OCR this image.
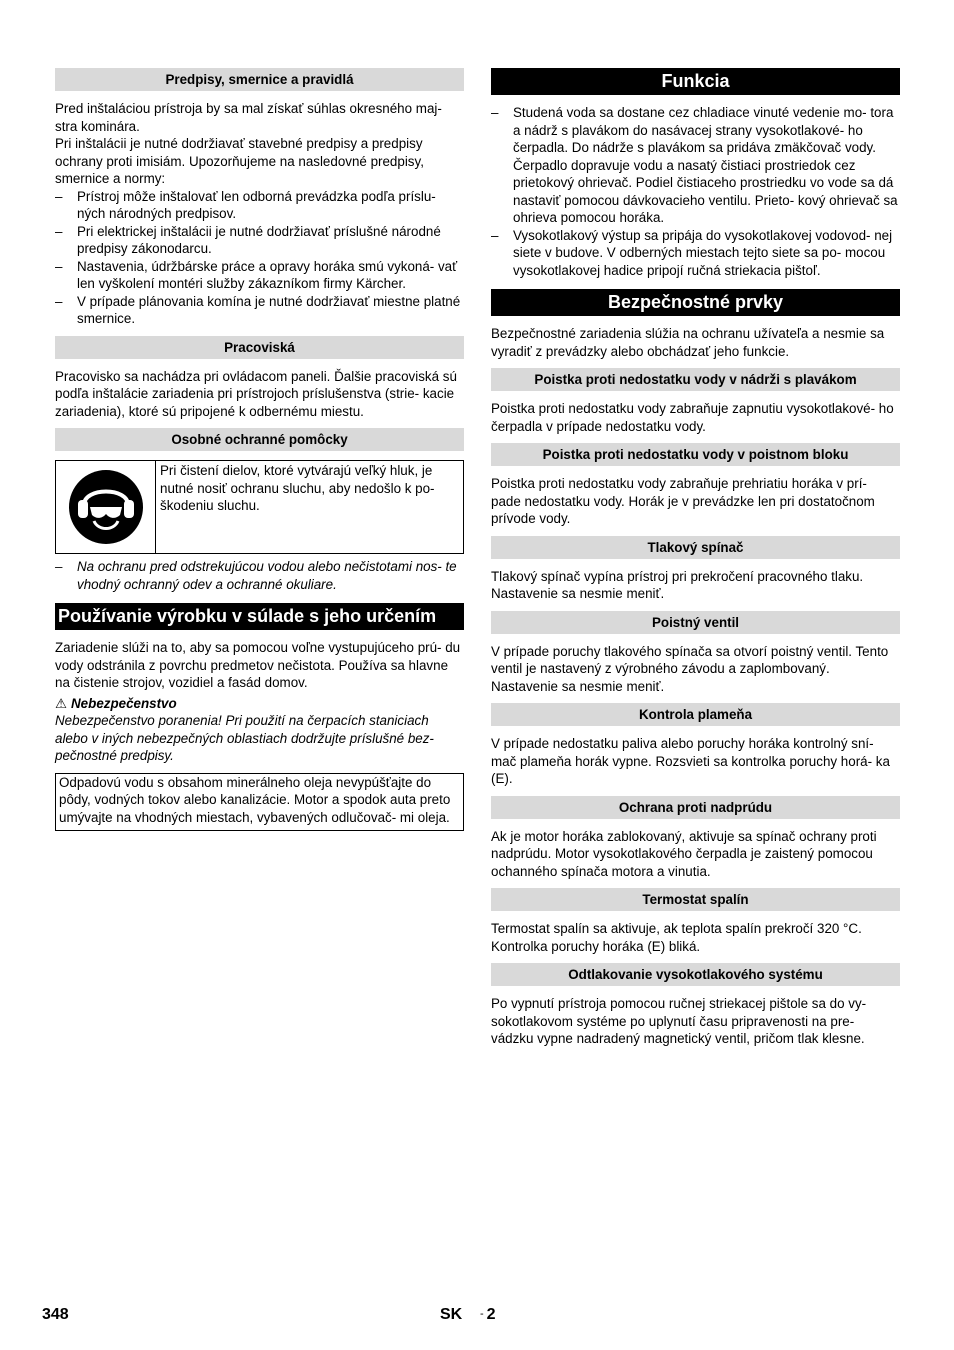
Predpisy, smernice a pravidlá

Pred inštaláciou prístroja by sa mal získať súhlas okresného maj- stra kominára.

Pri inštalácii je nutné dodržiavať stavebné predpisy a predpisy ochrany proti imisiám. Upozorňujeme na nasledovné predpisy, smernice a normy:

– Prístroj môže inštalovať len odborná prevádzka podľa príslu- ných národných predpisov.
– Pri elektrickej inštalácii je nutné dodržiavať príslušné národné predpisy zákonodarcu.
– Nastavenia, údržbárske práce a opravy horáka smú vykoná- vať len vyškolení montéri služby zákazníkom firmy Kärcher.
– V prípade plánovania komína je nutné dodržiavať miestne platné smernice.
Pracoviská

Pracovisko sa nachádza pri ovládacom paneli. Ďalšie pracoviská sú podľa inštalácie zariadenia pri prístrojoch príslušenstva (strie- kacie zariadenia), ktoré sú pripojené k odbernému miestu.

Osobné ochranné pomôcky
Pri čistení dielov, ktoré vytvárajú veľký hluk, je nutné nosiť ochranu sluchu, aby nedošlo k po- škodeniu sluchu.
– Na ochranu pred odstrekujúcou vodou alebo nečistotami nos- te vhodný ochranný odev a ochranné okuliare.
Používanie výrobku v súlade s jeho určením

Zariadenie slúži na to, aby sa pomocou voľne vystupujúceho prú- du vody odstránila z povrchu predmetov nečistota. Používa sa hlavne na čistenie strojov, vozidiel a fasád domov.

⚠ Nebezpečenstvo

Nebezpečenstvo poranenia! Pri použití na čerpacích staniciach alebo v iných nebezpečných oblastiach dodržujte príslušné bez- pečnostné predpisy.

Odpadovú vodu s obsahom minerálneho oleja nevypúšťajte do pôdy, vodných tokov alebo kanalizácie. Motor a spodok auta preto umývajte na vhodných miestach, vybavených odlučovač- mi oleja.
Funkcia
– Studená voda sa dostane cez chladiace vinuté vedenie mo- tora a nádrž s plavákom do nasávacej strany vysokotlakové- ho čerpadla. Do nádrže s plavákom sa pridáva zmäkčovač vody. Čerpadlo dopravuje vodu a nasatý čistiaci prostriedok cez prietokový ohrievač. Podiel čistiaceho prostriedku vo vode sa dá nastaviť pomocou dávkovacieho ventilu. Prieto- kový ohrievač sa ohrieva pomocou horáka.
– Vysokotlakový výstup sa pripája do vysokotlakovej vodovod- nej siete v budove. V odberných miestach tejto siete sa po- mocou vysokotlakovej hadice pripojí ručná striekacia pištoľ.
Bezpečnostné prvky

Bezpečnostné zariadenia slúžia na ochranu užívateľa a nesmie sa vyradiť z prevádzky alebo obchádzať jeho funkcie.

Poistka proti nedostatku vody v nádrži s plavákom

Poistka proti nedostatku vody zabraňuje zapnutiu vysokotlakové- ho čerpadla v prípade nedostatku vody.

Poistka proti nedostatku vody v poistnom bloku

Poistka proti nedostatku vody zabraňuje prehriatiu horáka v prí- pade nedostatku vody. Horák je v prevádzke len pri dostatočnom prívode vody.

Tlakový spínač

Tlakový spínač vypína prístroj pri prekročení pracovného tlaku. Nastavenie sa nesmie meniť.

Poistný ventil

V prípade poruchy tlakového spínača sa otvorí poistný ventil. Tento ventil je nastavený z výrobného závodu a zaplombovaný. Nastavenie sa nesmie meniť.

Kontrola plameňa

V prípade nedostatku paliva alebo poruchy horáka kontrolný sní- mač plameňa horák vypne. Rozsvieti sa kontrolka poruchy horá- ka (E).

Ochrana proti nadprúdu

Ak je motor horáka zablokovaný, aktivuje sa spínač ochrany proti nadprúdu. Motor vysokotlakového čerpadla je zaistený pomocou ochanného spínača motora a vinutia.

Termostat spalín

Termostat spalín sa aktivuje, ak teplota spalín prekročí 320 °C. Kontrolka poruchy horáka (E) bliká.

Odtlakovanie vysokotlakového systému

Po vypnutí prístroja pomocou ručnej striekacej pištole sa do vy- sokotlakovom systéme po uplynutí času pripravenosti na pre- vádzku vypne nadradený magnetický ventil, pričom tlak klesne.

348	SK - 2
